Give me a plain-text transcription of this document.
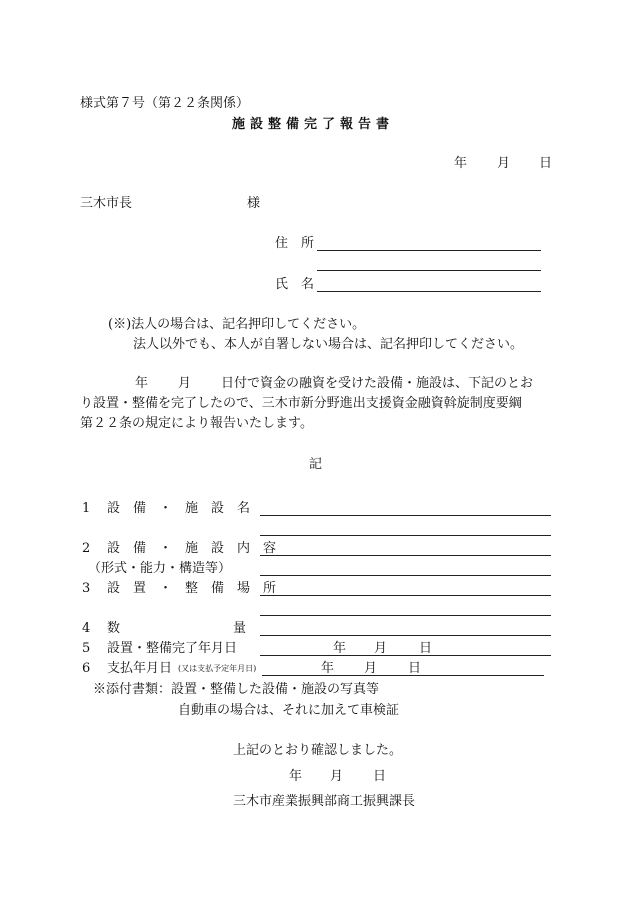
様式第７号（第２２条関係）
施設整備完了報告書
年 月 日
三木市長	様
住　所
氏　名
(※)法人の場合は、記名押印してください。
法人以外でも、本人が自署しない場合は、記名押印してください。
年 月 日付で資金の融資を受けた設備・施設は、下記のとお
り設置・整備を完了したので、三木市新分野進出支援資金融資斡旋制度要綱
第２２条の規定により報告いたします。
記
1 設　備　・　施　設　名
2 設　備　・　施　設　内　容
（形式・能力・構造等）
3 設　置　・　整　備　場　所
4 数	量
5 設置・整備完了年月日	年 月 日
6 支払年月日 (又は支払予定年月日)	年 月 日
※添付書類：設置・整備した設備・施設の写真等
自動車の場合は、それに加えて車検証
上記のとおり確認しました。
年 月 日
三木市産業振興部商工振興課長
